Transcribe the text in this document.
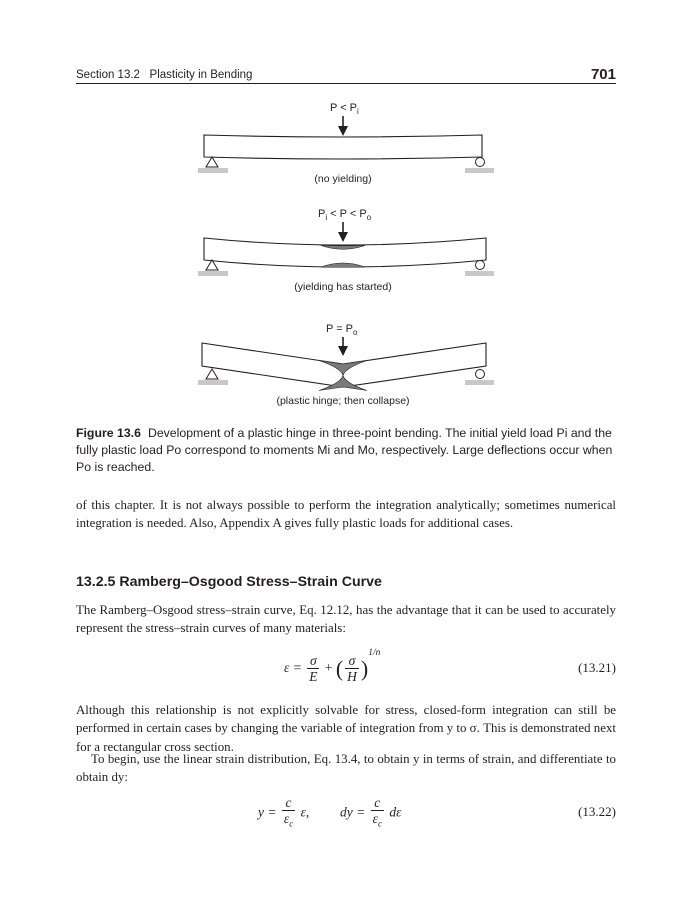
Section 13.2   Plasticity in Bending	701
$P < P_i$
(no yielding)
$P_i < P < P_o$
(yielding has started)
$P = P_o$
(plastic hinge; then collapse)
Figure 13.6 Development of a plastic hinge in three-point bending. The initial yield load Pi and the fully plastic load Po correspond to moments Mi and Mo, respectively. Large deflections occur when Po is reached.
of this chapter. It is not always possible to perform the integration analytically; sometimes numerical integration is needed. Also, Appendix A gives fully plastic loads for additional cases.
13.2.5 Ramberg–Osgood Stress–Strain Curve
The Ramberg–Osgood stress–strain curve, Eq. 12.12, has the advantage that it can be used to accurately represent the stress–strain curves of many materials:
$\varepsilon = \frac{\sigma}{E}$ + ( $\frac{\sigma}{H} )^{1/n}$
(13.21)
Although this relationship is not explicitly solvable for stress, closed-form integration can still be performed in certain cases by changing the variable of integration from y to σ. This is demonstrated next for a rectangular cross section.
To begin, use the linear strain distribution, Eq. 13.4, to obtain y in terms of strain, and differentiate to obtain dy:
$y = \frac{c}{\varepsilon_c} \varepsilon$, dy = $\frac{c}{\varepsilon_c}$ dε	(13.22)
